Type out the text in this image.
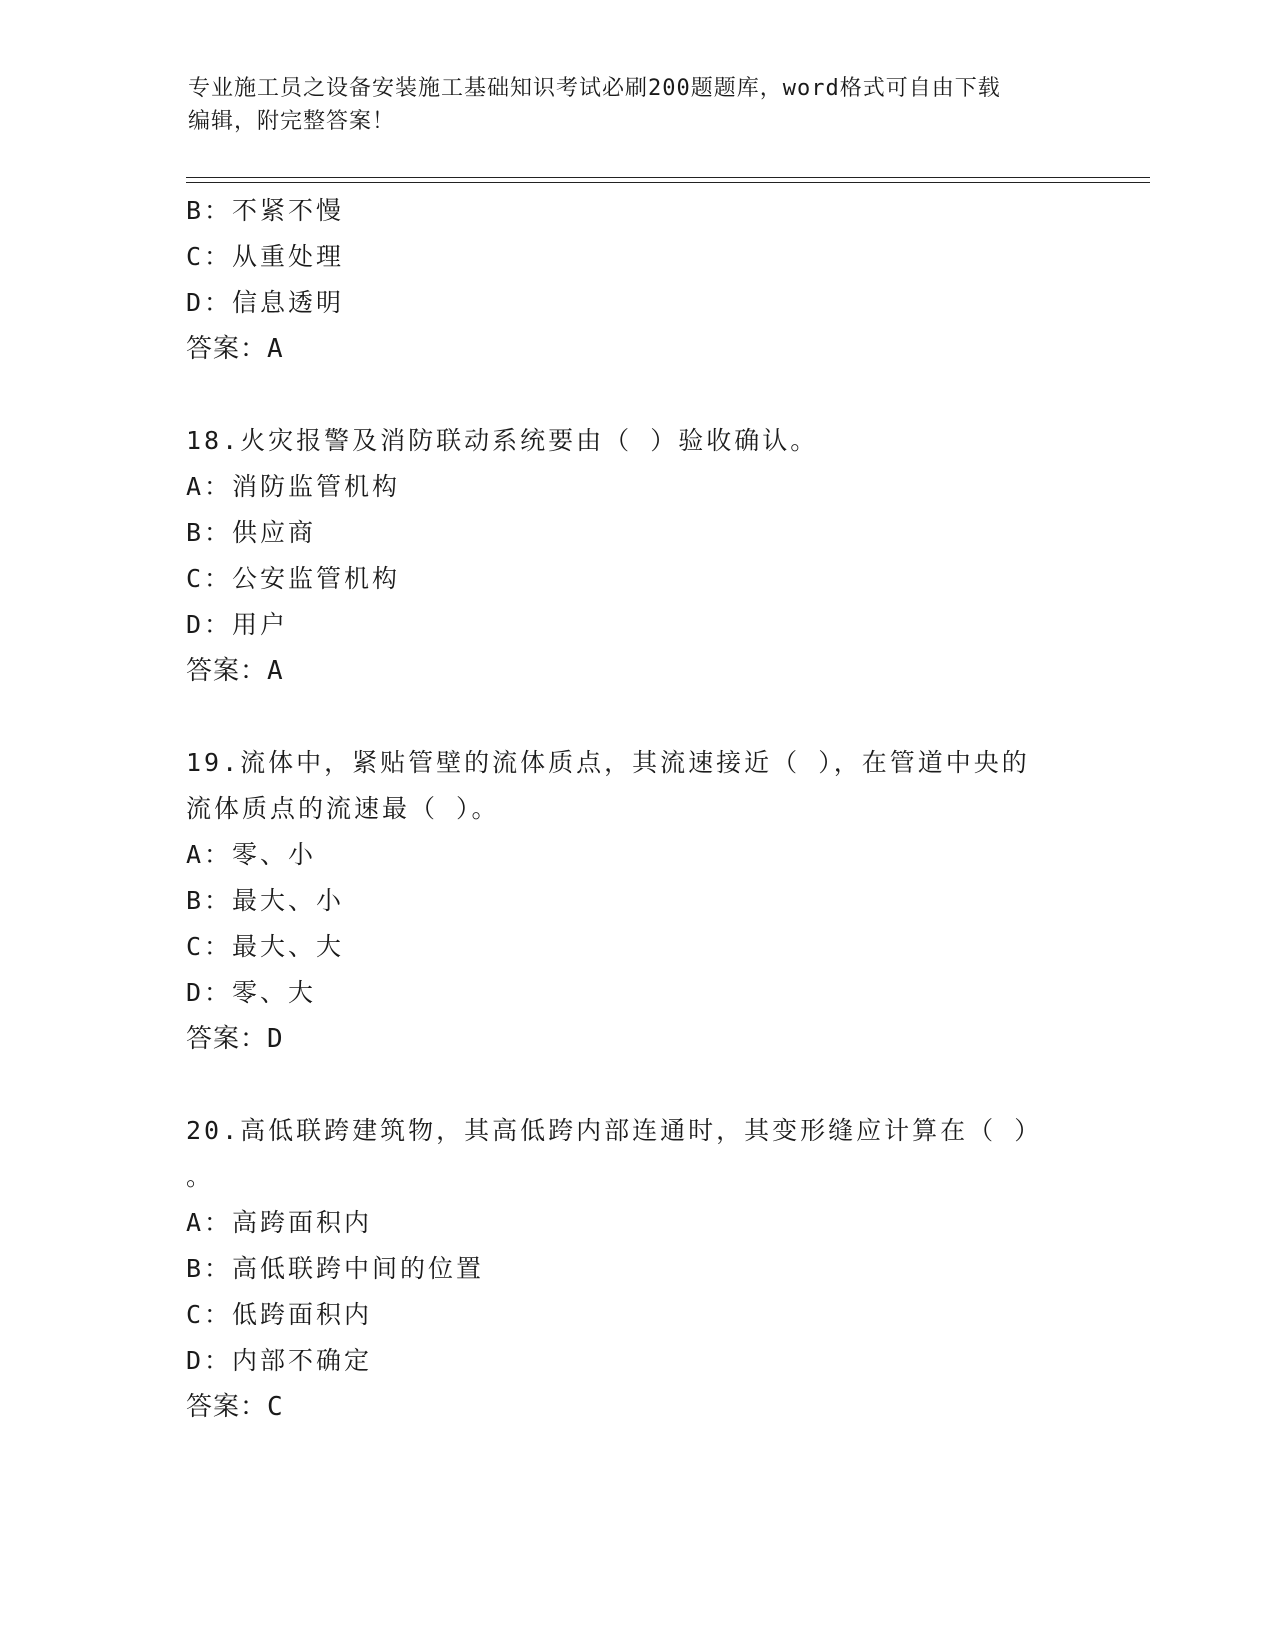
专业施工员之设备安装施工基础知识考试必刷200题题库，word格式可自由下载
编辑，附完整答案！
B：不紧不慢
C：从重处理
D：信息透明
答案：A
18.火灾报警及消防联动系统要由（ ）验收确认。
A：消防监管机构
B：供应商
C：公安监管机构
D：用户
答案：A
19.流体中，紧贴管壁的流体质点，其流速接近（ ），在管道中央的
流体质点的流速最（ ）。
A：零、小
B：最大、小
C：最大、大
D：零、大
答案：D
20.高低联跨建筑物，其高低跨内部连通时，其变形缝应计算在（ ）
。
A：高跨面积内
B：高低联跨中间的位置
C：低跨面积内
D：内部不确定
答案：C
